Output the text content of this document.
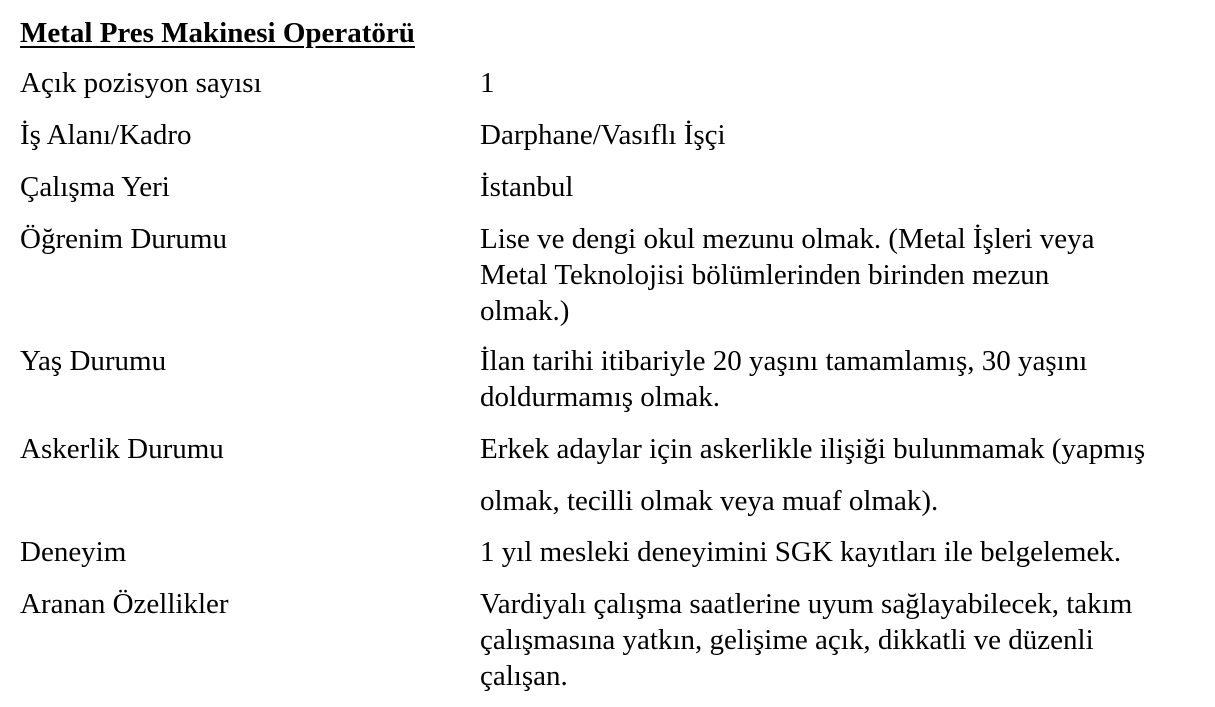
Metal Pres Makinesi Operatörü
Açık pozisyon sayısı	1
İş Alanı/Kadro	Darphane/Vasıflı İşçi
Çalışma Yeri	İstanbul
Öğrenim Durumu	Lise ve dengi okul mezunu olmak. (Metal İşleri veya
Metal Teknolojisi bölümlerinden birinden mezun
olmak.)
Yaş Durumu	İlan tarihi itibariyle 20 yaşını tamamlamış, 30 yaşını
doldurmamış olmak.
Askerlik Durumu	Erkek adaylar için askerlikle ilişiği bulunmamak (yapmış
olmak, tecilli olmak veya muaf olmak).
Deneyim	1 yıl mesleki deneyimini SGK kayıtları ile belgelemek.
Aranan Özellikler	Vardiyalı çalışma saatlerine uyum sağlayabilecek, takım
çalışmasına yatkın, gelişime açık, dikkatli ve düzenli
çalışan.
